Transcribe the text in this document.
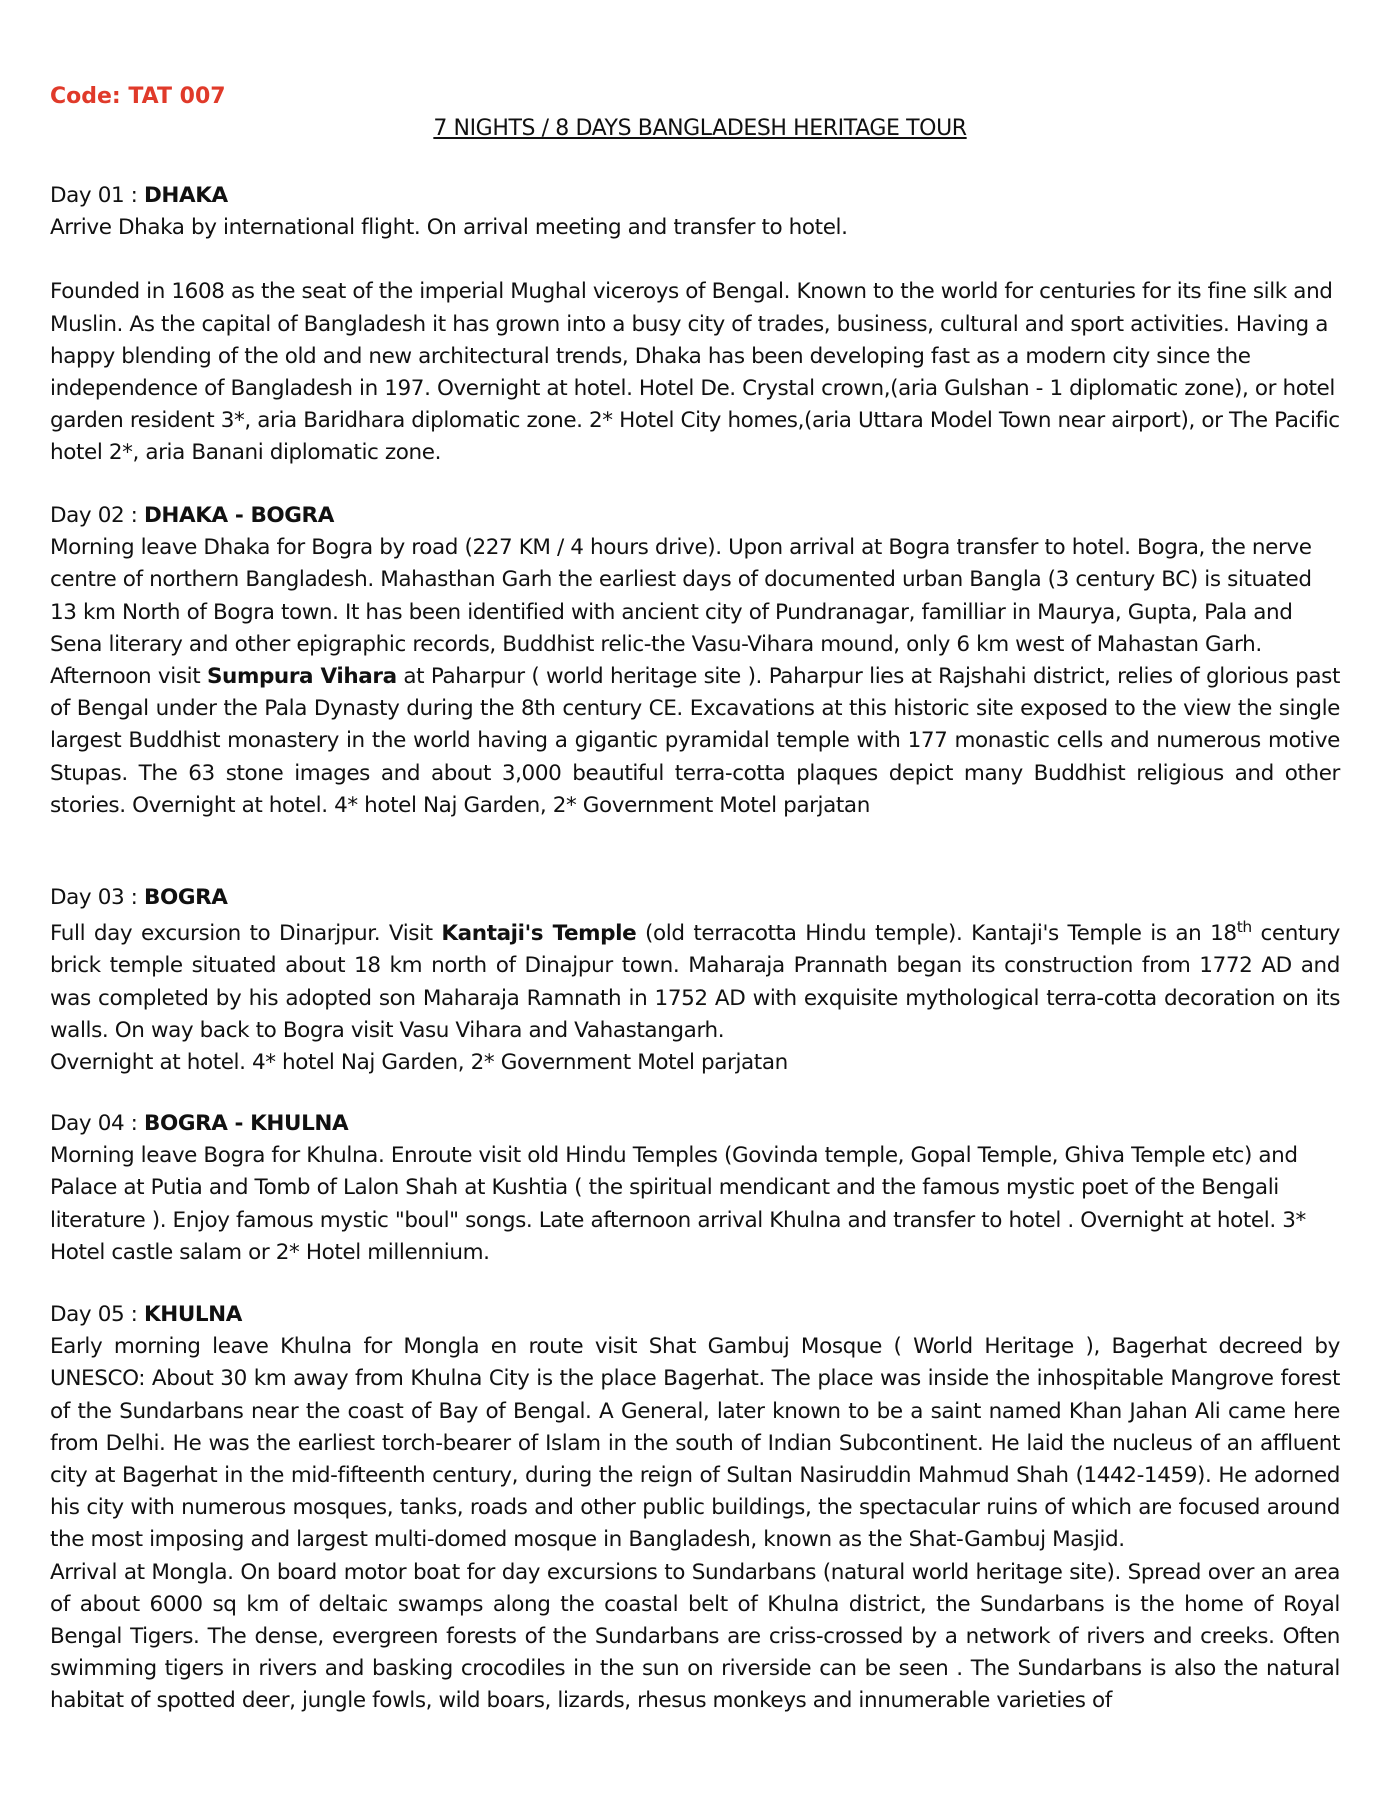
Code: TAT 007
7 NIGHTS / 8 DAYS BANGLADESH HERITAGE TOUR

Day 01 : DHAKA

Arrive Dhaka by international flight. On arrival meeting and transfer to hotel.

Founded in 1608 as the seat of the imperial Mughal viceroys of Bengal. Known to the world for centuries for its fine silk and Muslin. As the capital of Bangladesh it has grown into a busy city of trades, business, cultural and sport activities. Having a happy blending of the old and new architectural trends, Dhaka has been developing fast as a modern city since the independence of Bangladesh in 197. Overnight at hotel. Hotel De. Crystal crown,(aria Gulshan - 1 diplomatic zone), or hotel garden resident 3*, aria Baridhara diplomatic zone. 2* Hotel City homes,(aria Uttara Model Town near airport), or The Pacific hotel 2*, aria Banani diplomatic zone.

Day 02 : DHAKA - BOGRA

Morning leave Dhaka for Bogra by road (227 KM / 4 hours drive). Upon arrival at Bogra transfer to hotel. Bogra, the nerve centre of northern Bangladesh. Mahasthan Garh the earliest days of documented urban Bangla (3 century BC) is situated 13 km North of Bogra town. It has been identified with ancient city of Pundranagar, familliar in Maurya, Gupta, Pala and Sena literary and other epigraphic records, Buddhist relic-the Vasu-Vihara mound, only 6 km west of Mahastan Garh.

Afternoon visit Sumpura Vihara at Paharpur ( world heritage site ). Paharpur lies at Rajshahi district, relies of glorious past of Bengal under the Pala Dynasty during the 8th century CE. Excavations at this historic site exposed to the view the single largest Buddhist monastery in the world having a gigantic pyramidal temple with 177 monastic cells and numerous motive Stupas. The 63 stone images and about 3,000 beautiful terra-cotta plaques depict many Buddhist religious and other stories. Overnight at hotel. 4* hotel Naj Garden, 2* Government Motel parjatan

Day 03 : BOGRA

Full day excursion to Dinarjpur. Visit Kantaji's Temple (old terracotta Hindu temple). Kantaji's Temple is an 18th century brick temple situated about 18 km north of Dinajpur town. Maharaja Prannath began its construction from 1772 AD and was completed by his adopted son Maharaja Ramnath in 1752 AD with exquisite mythological terra-cotta decoration on its walls. On way back to Bogra visit Vasu Vihara and Vahastangarh.

Overnight at hotel. 4* hotel Naj Garden, 2* Government Motel parjatan

Day 04 : BOGRA - KHULNA

Morning leave Bogra for Khulna. Enroute visit old Hindu Temples (Govinda temple, Gopal Temple, Ghiva Temple etc) and Palace at Putia and Tomb of Lalon Shah at Kushtia ( the spiritual mendicant and the famous mystic poet of the Bengali literature ). Enjoy famous mystic "boul" songs. Late afternoon arrival Khulna and transfer to hotel . Overnight at hotel. 3* Hotel castle salam or 2* Hotel millennium.

Day 05 : KHULNA

Early morning leave Khulna for Mongla en route visit Shat Gambuj Mosque ( World Heritage ), Bagerhat decreed by UNESCO: About 30 km away from Khulna City is the place Bagerhat. The place was inside the inhospitable Mangrove forest of the Sundarbans near the coast of Bay of Bengal. A General, later known to be a saint named Khan Jahan Ali came here from Delhi. He was the earliest torch-bearer of Islam in the south of Indian Subcontinent. He laid the nucleus of an affluent city at Bagerhat in the mid-fifteenth century, during the reign of Sultan Nasiruddin Mahmud Shah (1442-1459). He adorned his city with numerous mosques, tanks, roads and other public buildings, the spectacular ruins of which are focused around the most imposing and largest multi-domed mosque in Bangladesh, known as the Shat-Gambuj Masjid.

Arrival at Mongla. On board motor boat for day excursions to Sundarbans (natural world heritage site). Spread over an area of about 6000 sq km of deltaic swamps along the coastal belt of Khulna district, the Sundarbans is the home of Royal Bengal Tigers. The dense, evergreen forests of the Sundarbans are criss-crossed by a network of rivers and creeks. Often swimming tigers in rivers and basking crocodiles in the sun on riverside can be seen . The Sundarbans is also the natural habitat of spotted deer, jungle fowls, wild boars, lizards, rhesus monkeys and innumerable varieties of
